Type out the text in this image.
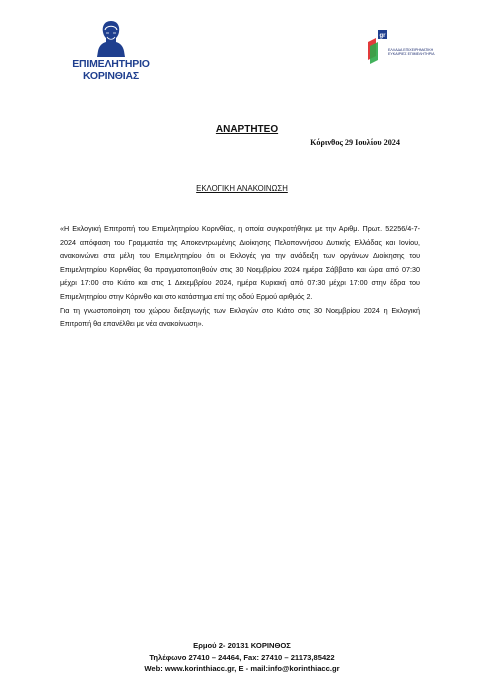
ΕΠΙΜΕΛΗΤΗΡΙΟ
ΚΟΡΙΝΘΙΑΣ
gr
ΕΛΛΑΔΑ ΕΠΙΧΕΙΡΗΜΑΤΙΚΗ ΕΥΚΑΙΡΙΕΣ ΕΠΙΜΕΛΗΤΗΡΙΑ
ΑΝΑΡΤΗΤΕΟ
Κόρινθος 29 Ιουλίου 2024
ΕΚΛΟΓΙΚΗ ΑΝΑΚΟΙΝΩΣΗ

«Η Εκλογική Επιτροπή του Επιμελητηρίου Κορινθίας, η οποία συγκροτήθηκε με την Αριθμ. Πρωτ. 52256/4-7-2024 απόφαση του Γραμματέα της Αποκεντρωμένης Διοίκησης Πελοποννήσου Δυτικής Ελλάδας και Ιονίου, ανακοινώνει στα μέλη του Επιμελητηρίου ότι οι Εκλογές για την ανάδειξη των οργάνων Διοίκησης του Επιμελητηρίου Κορινθίας θα πραγματοποιηθούν στις 30 Νοεμβρίου 2024 ημέρα Σάββατο και ώρα από 07:30 μέχρι 17:00 στο Κιάτο και στις 1 Δεκεμβρίου 2024, ημέρα Κυριακή από 07:30 μέχρι 17:00 στην έδρα του Επιμελητηρίου στην Κόρινθο και στο κατάστημα επί της οδού Ερμού αριθμός 2.

Για τη γνωστοποίηση του χώρου διεξαγωγής των Εκλογών στο Κιάτο στις 30 Νοεμβρίου 2024 η Εκλογική Επιτροπή θα επανέλθει με νέα ανακοίνωση».

Ερμού 2- 20131 ΚΟΡΙΝΘΟΣ
Τηλέφωνο 27410 – 24464, Fax: 27410 – 21173,85422
Web: www.korinthiacc.gr, E - mail:info@korinthiacc.gr
